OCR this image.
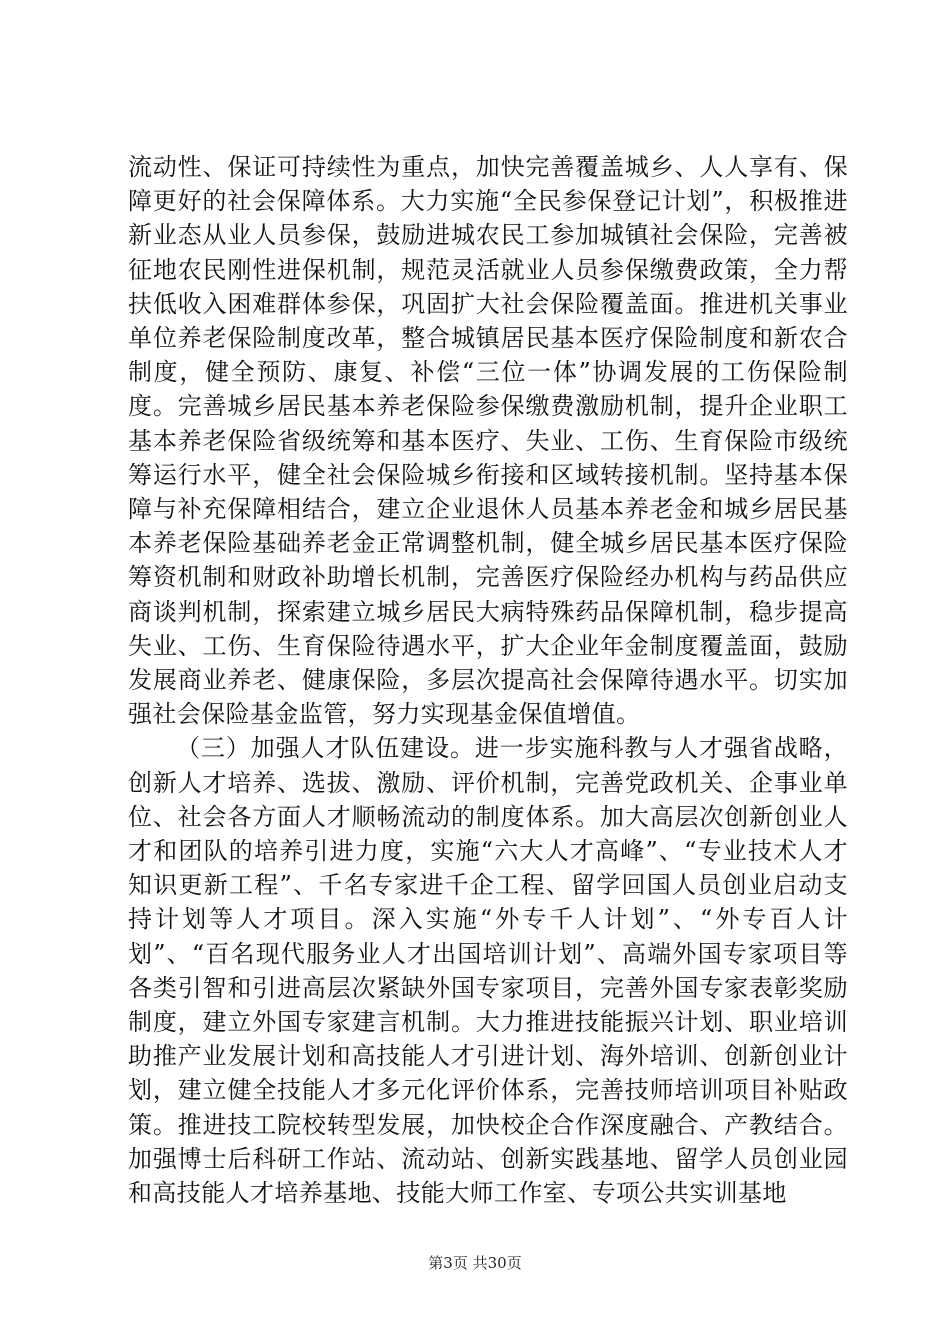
流动性、保证可持续性为重点，加快完善覆盖城乡、人人享有、保障更好的社会保障体系。大力实施“全民参保登记计划”，积极推进新业态从业人员参保，鼓励进城农民工参加城镇社会保险，完善被征地农民刚性进保机制，规范灵活就业人员参保缴费政策，全力帮扶低收入困难群体参保，巩固扩大社会保险覆盖面。推进机关事业单位养老保险制度改革，整合城镇居民基本医疗保险制度和新农合制度，健全预防、康复、补偿“三位一体”协调发展的工伤保险制度。完善城乡居民基本养老保险参保缴费激励机制，提升企业职工基本养老保险省级统筹和基本医疗、失业、工伤、生育保险市级统筹运行水平，健全社会保险城乡衔接和区域转接机制。坚持基本保障与补充保障相结合，建立企业退休人员基本养老金和城乡居民基本养老保险基础养老金正常调整机制，健全城乡居民基本医疗保险筹资机制和财政补助增长机制，完善医疗保险经办机构与药品供应商谈判机制，探索建立城乡居民大病特殊药品保障机制，稳步提高失业、工伤、生育保险待遇水平，扩大企业年金制度覆盖面，鼓励发展商业养老、健康保险，多层次提高社会保障待遇水平。切实加强社会保险基金监管，努力实现基金保值增值。

（三）加强人才队伍建设。进一步实施科教与人才强省战略，创新人才培养、选拔、激励、评价机制，完善党政机关、企事业单位、社会各方面人才顺畅流动的制度体系。加大高层次创新创业人才和团队的培养引进力度，实施“六大人才高峰”、“专业技术人才知识更新工程”、千名专家进千企工程、留学回国人员创业启动支持计划等人才项目。深入实施“外专千人计划”、“外专百人计划”、“百名现代服务业人才出国培训计划”、高端外国专家项目等各类引智和引进高层次紧缺外国专家项目，完善外国专家表彰奖励制度，建立外国专家建言机制。大力推进技能振兴计划、职业培训助推产业发展计划和高技能人才引进计划、海外培训、创新创业计划，建立健全技能人才多元化评价体系，完善技师培训项目补贴政策。推进技工院校转型发展，加快校企合作深度融合、产教结合。加强博士后科研工作站、流动站、创新实践基地、留学人员创业园和高技能人才培养基地、技能大师工作室、专项公共实训基地

第3页 共30页
